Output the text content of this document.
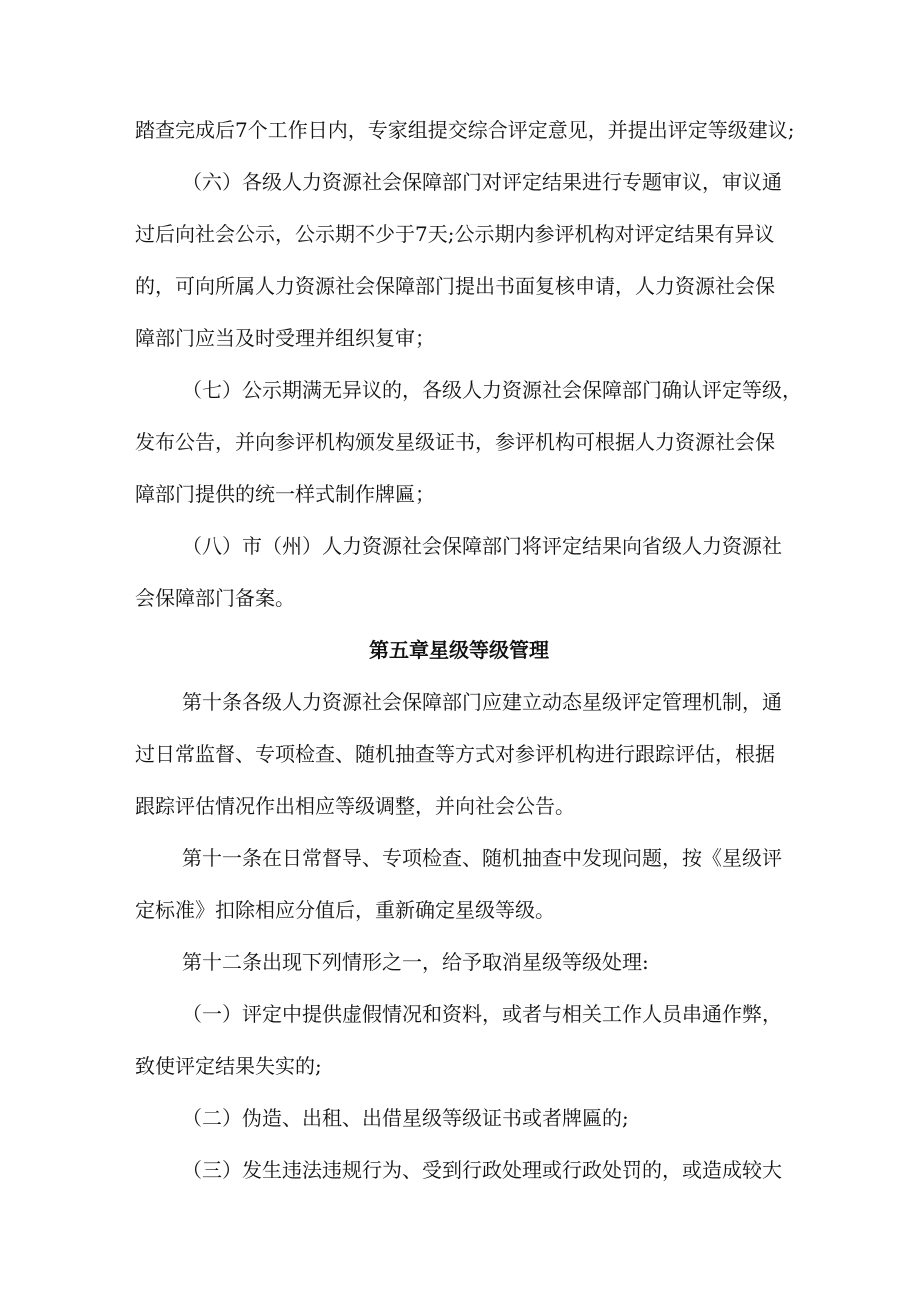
踏查完成后7个工作日内，专家组提交综合评定意见，并提出评定等级建议;
（六）各级人力资源社会保障部门对评定结果进行专题审议，审议通
过后向社会公示，公示期不少于7天;公示期内参评机构对评定结果有异议
的，可向所属人力资源社会保障部门提出书面复核申请，人力资源社会保
障部门应当及时受理并组织复审；
（七）公示期满无异议的，各级人力资源社会保障部门确认评定等级，
发布公告，并向参评机构颁发星级证书，参评机构可根据人力资源社会保
障部门提供的统一样式制作牌匾；
（八）市（州）人力资源社会保障部门将评定结果向省级人力资源社
会保障部门备案。
第五章星级等级管理
第十条各级人力资源社会保障部门应建立动态星级评定管理机制，通
过日常监督、专项检查、随机抽查等方式对参评机构进行跟踪评估，根据
跟踪评估情况作出相应等级调整，并向社会公告。
第十一条在日常督导、专项检查、随机抽查中发现问题，按《星级评
定标准》扣除相应分值后，重新确定星级等级。
第十二条出现下列情形之一，给予取消星级等级处理:
（一）评定中提供虚假情况和资料，或者与相关工作人员串通作弊，
致使评定结果失实的;
（二）伪造、出租、出借星级等级证书或者牌匾的;
（三）发生违法违规行为、受到行政处理或行政处罚的，或造成较大
